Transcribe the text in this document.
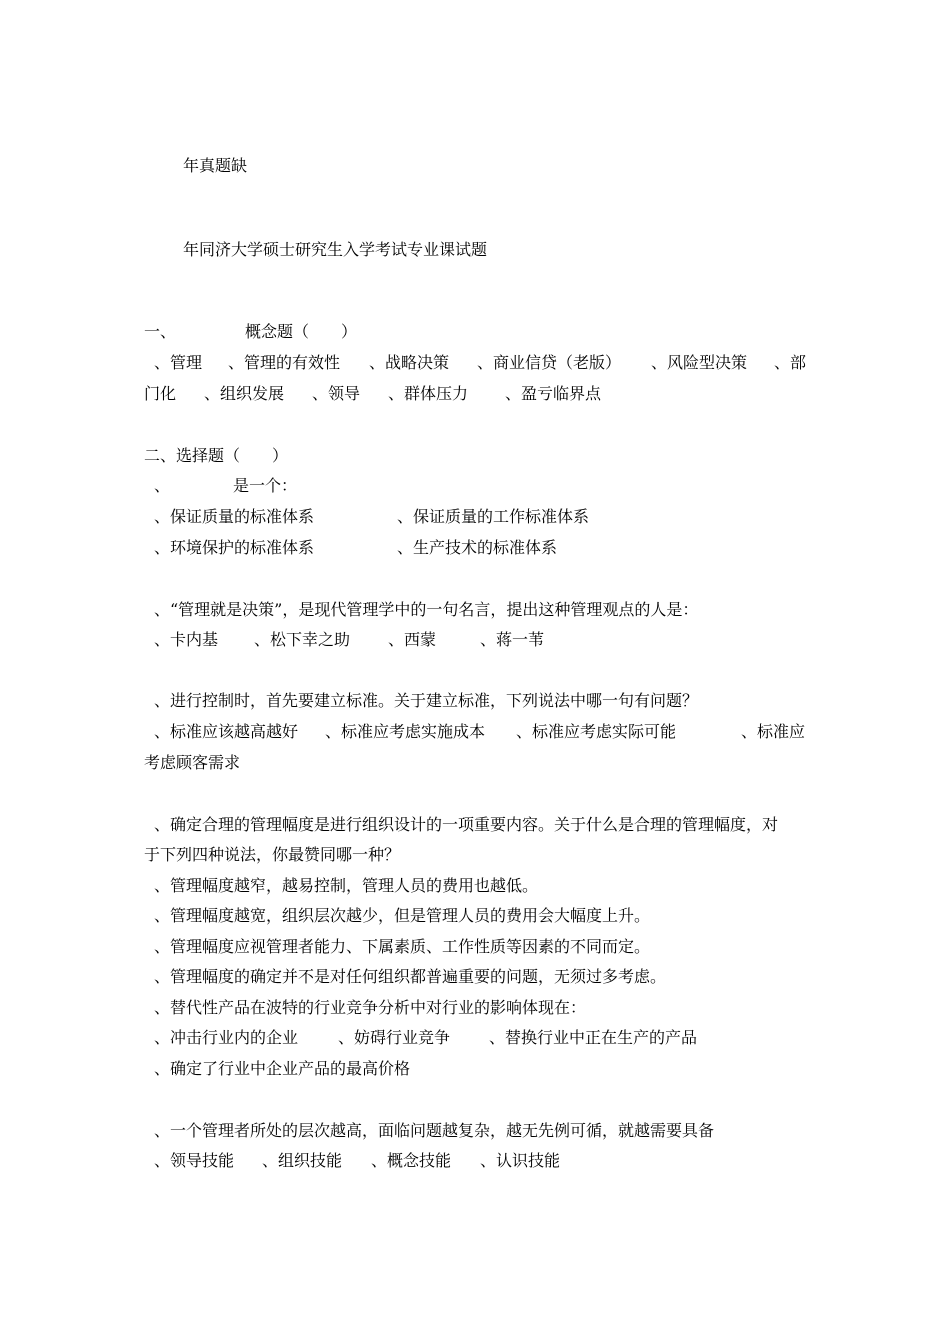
年真题缺
年同济大学硕士研究生入学考试专业课试题
一、	概念题（　　）
、管理 、管理的有效性 、战略决策 、商业信贷（老版） 、风险型决策 、部
门化 、组织发展 、领导 、群体压力 、盈亏临界点
二、选择题（　　）
、	是一个：
、保证质量的标准体系	、保证质量的工作标准体系
、环境保护的标准体系	、生产技术的标准体系
、“管理就是决策”，是现代管理学中的一句名言，提出这种管理观点的人是：
、卡内基 、松下幸之助 、西蒙	、蒋一苇
、进行控制时，首先要建立标准。关于建立标准，下列说法中哪一句有问题？
、标准应该越高越好 、标准应考虑实施成本 、标准应考虑实际可能	、标准应
考虑顾客需求
、确定合理的管理幅度是进行组织设计的一项重要内容。关于什么是合理的管理幅度，对
于下列四种说法，你最赞同哪一种？
、管理幅度越窄，越易控制，管理人员的费用也越低。
、管理幅度越宽，组织层次越少，但是管理人员的费用会大幅度上升。
、管理幅度应视管理者能力、下属素质、工作性质等因素的不同而定。
、管理幅度的确定并不是对任何组织都普遍重要的问题，无须过多考虑。
、替代性产品在波特的行业竞争分析中对行业的影响体现在：
、冲击行业内的企业 、妨碍行业竞争 、替换行业中正在生产的产品
、确定了行业中企业产品的最高价格
、一个管理者所处的层次越高，面临问题越复杂，越无先例可循，就越需要具备
、领导技能 、组织技能 、概念技能 、认识技能
